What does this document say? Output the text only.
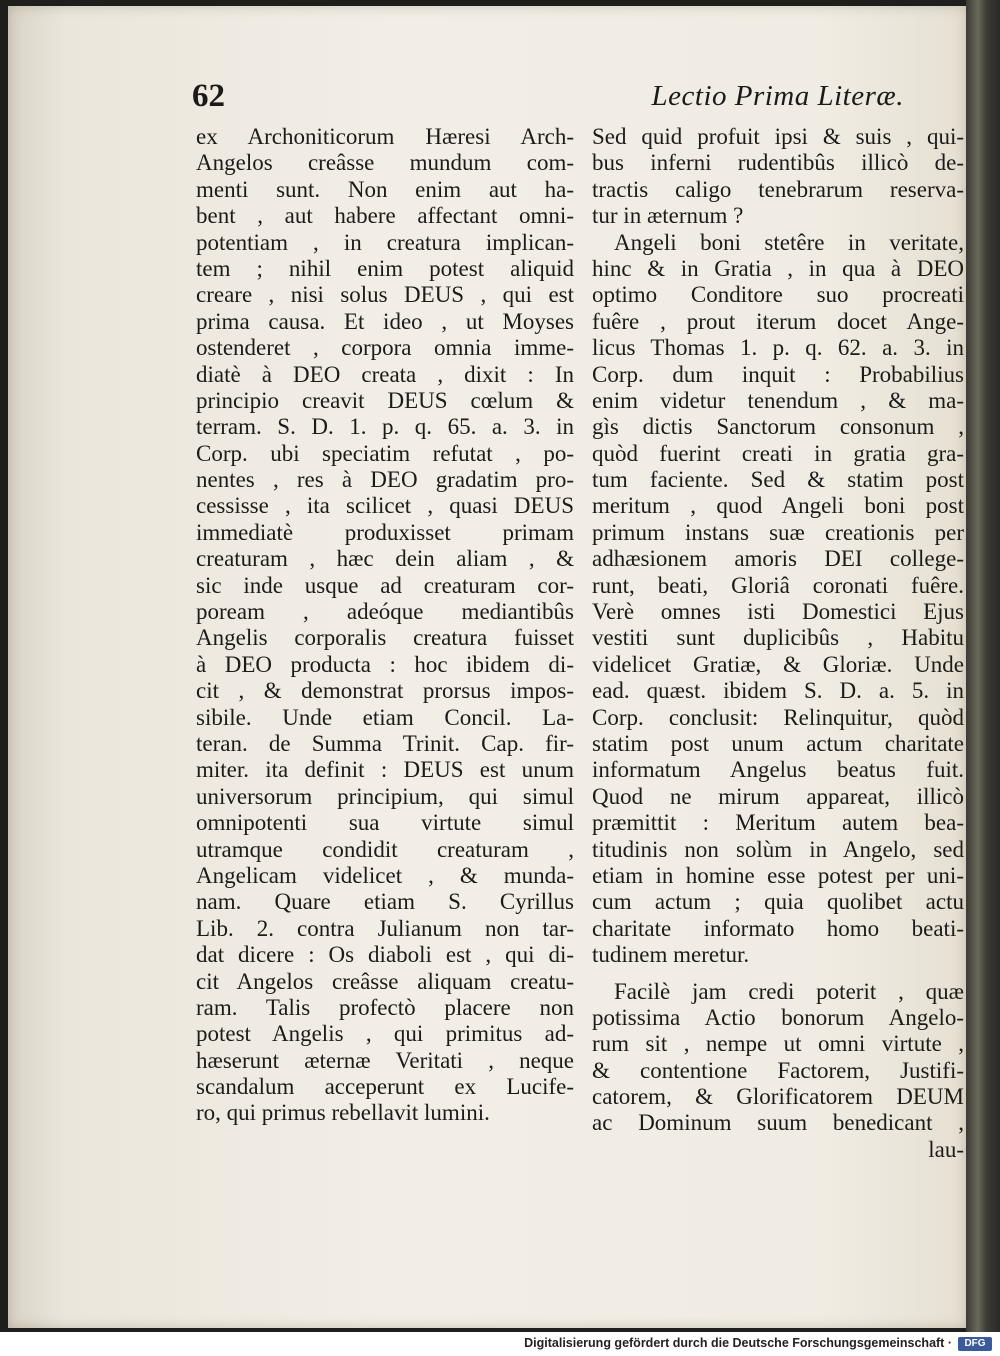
62	Lectio Prima Literæ.
ex Archoniticorum Hæresi Arch-
Angelos creâsse mundum com-
menti sunt. Non enim aut ha-
bent , aut habere affectant omni-
potentiam , in creatura implican-
tem ; nihil enim potest aliquid
creare , nisi solus DEUS , qui est
prima causa. Et ideo , ut Moyses
ostenderet , corpora omnia imme-
diatè à DEO creata , dixit : In
principio creavit DEUS cœlum &
terram. S. D. 1. p. q. 65. a. 3. in
Corp. ubi speciatim refutat , po-
nentes , res à DEO gradatim pro-
cessisse , ita scilicet , quasi DEUS
immediatè produxisset primam
creaturam , hæc dein aliam , &
sic inde usque ad creaturam cor-
poream , adeóque mediantibûs
Angelis corporalis creatura fuisset
à DEO producta : hoc ibidem di-
cit , & demonstrat prorsus impos-
sibile. Unde etiam Concil. La-
teran. de Summa Trinit. Cap. fir-
miter. ita definit : DEUS est unum
universorum principium, qui simul
omnipotenti sua virtute simul
utramque condidit creaturam ,
Angelicam videlicet , & munda-
nam. Quare etiam S. Cyrillus
Lib. 2. contra Julianum non tar-
dat dicere : Os diaboli est , qui di-
cit Angelos creâsse aliquam creatu-
ram. Talis profectò placere non
potest Angelis , qui primitus ad-
hæserunt æternæ Veritati , neque
scandalum acceperunt ex Lucife-
ro, qui primus rebellavit lumini.
Sed quid profuit ipsi & suis , qui-
bus inferni rudentibûs illicò de-
tractis caligo tenebrarum reserva-
tur in æternum ?
Angeli boni stetêre in veritate,
hinc & in Gratia , in qua à DEO
optimo Conditore suo procreati
fuêre , prout iterum docet Ange-
licus Thomas 1. p. q. 62. a. 3. in
Corp. dum inquit : Probabilius
enim videtur tenendum , & ma-
gìs dictis Sanctorum consonum ,
quòd fuerint creati in gratia gra-
tum faciente. Sed & statim post
meritum , quod Angeli boni post
primum instans suæ creationis per
adhæsionem amoris DEI college-
runt, beati, Gloriâ coronati fuêre.
Verè omnes isti Domestici Ejus
vestiti sunt duplicibûs , Habitu
videlicet Gratiæ, & Gloriæ. Unde
ead. quæst. ibidem S. D. a. 5. in
Corp. conclusit: Relinquitur, quòd
statim post unum actum charitate
informatum Angelus beatus fuit.
Quod ne mirum appareat, illicò
præmittit : Meritum autem bea-
titudinis non solùm in Angelo, sed
etiam in homine esse potest per uni-
cum actum ; quia quolibet actu
charitate informato homo beati-
tudinem meretur.
Facilè jam credi poterit , quæ
potissima Actio bonorum Angelo-
rum sit , nempe ut omni virtute ,
& contentione Factorem, Justifi-
catorem, & Glorificatorem DEUM
ac Dominum suum benedicant ,
lau-
Digitalisierung gefördert durch die Deutsche Forschungsgemeinschaft ·	DFG
